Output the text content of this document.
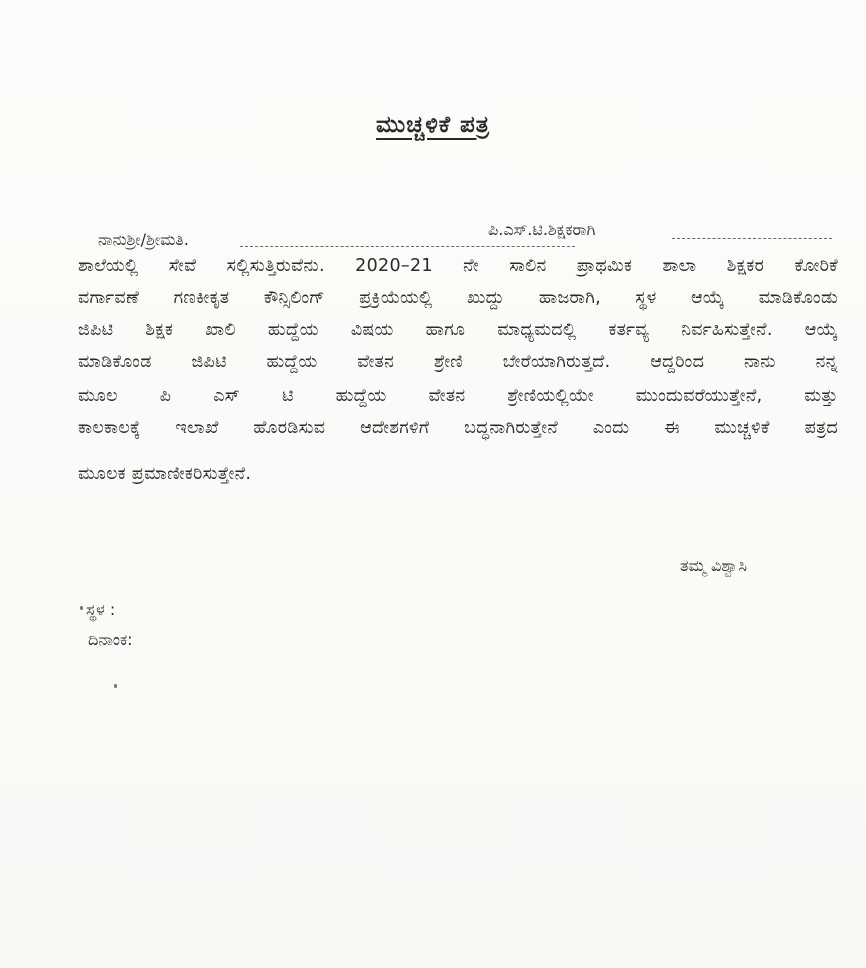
ಮುಚ್ಚಳಿಕೆ ಪತ್ರ
ನಾನುಶ್ರೀ/ಶ್ರೀಮತಿ.
ಪಿ.ಎಸ್.ಟಿ.ಶಿಕ್ಷಕರಾಗಿ
ಶಾಲೆಯಲ್ಲಿ ಸೇವೆ ಸಲ್ಲಿಸುತ್ತಿರುವೆನು. 2020–21 ನೇ ಸಾಲಿನ ಪ್ರಾಥಮಿಕ ಶಾಲಾ ಶಿಕ್ಷಕರ ಕೋರಿಕೆ
ವರ್ಗಾವಣೆ ಗಣಕೀಕೃತ ಕೌನ್ಸಿಲಿಂಗ್ ಪ್ರಕ್ರಿಯೆಯಲ್ಲಿ ಖುದ್ದು ಹಾಜರಾಗಿ, ಸ್ಥಳ ಆಯ್ಕೆ ಮಾಡಿಕೊಂಡು
ಜಿಪಿಟಿ ಶಿಕ್ಷಕ ಖಾಲಿ ಹುದ್ದೆಯ ವಿಷಯ ಹಾಗೂ ಮಾಧ್ಯಮದಲ್ಲಿ ಕರ್ತವ್ಯ ನಿರ್ವಹಿಸುತ್ತೇನೆ. ಆಯ್ಕೆ
ಮಾಡಿಕೊಂಡ ಜಿಪಿಟಿ ಹುದ್ದೆಯ ವೇತನ ಶ್ರೇಣಿ ಬೇರೆಯಾಗಿರುತ್ತದೆ. ಆದ್ದರಿಂದ ನಾನು ನನ್ನ
ಮೂಲ ಪಿ ಎಸ್ ಟಿ ಹುದ್ದೆಯ ವೇತನ ಶ್ರೇಣಿಯಲ್ಲಿಯೇ ಮುಂದುವರೆಯುತ್ತೇನೆ, ಮತ್ತು
ಕಾಲಕಾಲಕ್ಕೆ ಇಲಾಖೆ ಹೊರಡಿಸುವ ಆದೇಶಗಳಿಗೆ ಬದ್ಧನಾಗಿರುತ್ತೇನೆ ಎಂದು ಈ ಮುಚ್ಚಳಿಕೆ ಪತ್ರದ
ಮೂಲಕ ಪ್ರಮಾಣೀಕರಿಸುತ್ತೇನೆ.
ತಮ್ಮ ವಿಶ್ವಾಸಿ
ಸ್ಥಳ :
ದಿನಾಂಕ:
